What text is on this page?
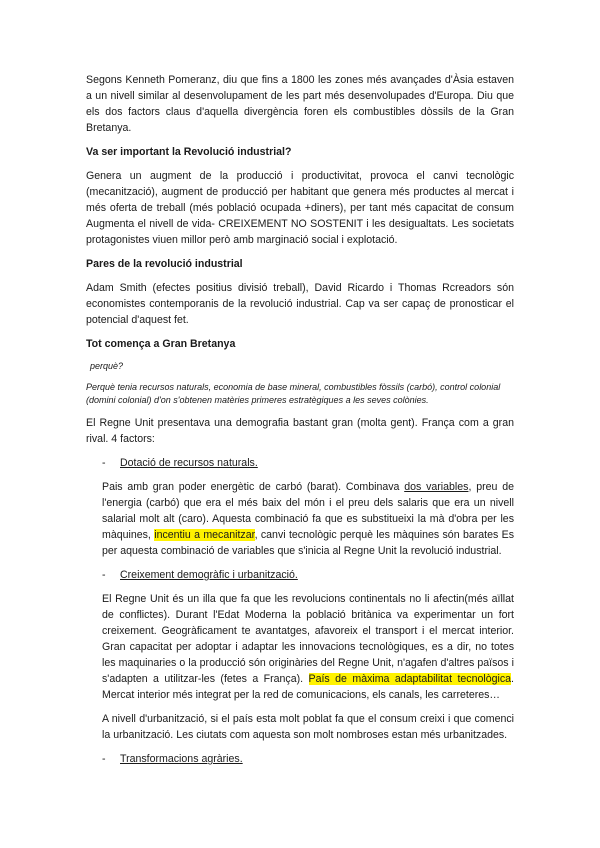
Segons Kenneth Pomeranz, diu que fins a 1800 les zones més avançades d'Àsia estaven a un nivell similar al desenvolupament de les part més desenvolupades d'Europa. Diu que els dos factors claus d'aquella divergència foren els combustibles dòssils de la Gran Bretanya.

Va ser important la Revolució industrial?

Genera un augment de la producció i productivitat, provoca el canvi tecnològic (mecanització), augment de producció per habitant que genera més productes al mercat i més oferta de treball (més població ocupada +diners), per tant més capacitat de consum Augmenta el nivell de vida- CREIXEMENT NO SOSTENIT i les desigualtats. Les societats protagonistes viuen millor però amb marginació social i explotació.

Pares de la revolució industrial

Adam Smith (efectes positius divisió treball), David Ricardo i Thomas Rcreadors són economistes contemporanis de la revolució industrial. Cap va ser capaç de pronosticar el potencial d'aquest fet.

Tot comença a Gran Bretanya

perquè?

Perquè tenia recursos naturals, economia de base mineral, combustibles fòssils (carbó), control colonial (domini colonial) d'on s'obtenen matèries primeres estratègiques a les seves colònies.

El Regne Unit presentava una demografia bastant gran (molta gent). França com a gran rival. 4 factors:

- Dotació de recursos naturals.

Pais amb gran poder energètic de carbó (barat). Combinava dos variables, preu de l'energia (carbó) que era el més baix del món i el preu dels salaris que era un nivell salarial molt alt (caro). Aquesta combinació fa que es substitueixi la mà d'obra per les màquines, incentiu a mecanitzar, canvi tecnològic perquè les màquines són barates Es per aquesta combinació de variables que s'inicia al Regne Unit la revolució industrial.

- Creixement demogràfic i urbanització.

El Regne Unit és un illa que fa que les revolucions continentals no li afectin(més aïllat de conflictes). Durant l'Edat Moderna la població britànica va experimentar un fort creixement. Geogràficament te avantatges, afavoreix el transport i el mercat interior. Gran capacitat per adoptar i adaptar les innovacions tecnològiques, es a dir, no totes les maquinaries o la producció són originàries del Regne Unit, n'agafen d'altres països i s'adapten a utilitzar-les (fetes a França). País de màxima adaptabilitat tecnològica. Mercat interior més integrat per la red de comunicacions, els canals, les carreteres…

A nivell d'urbanització, si el país esta molt poblat fa que el consum creixi i que comenci la urbanització. Les ciutats com aquesta son molt nombroses estan més urbanitzades.

- Transformacions agràries.
